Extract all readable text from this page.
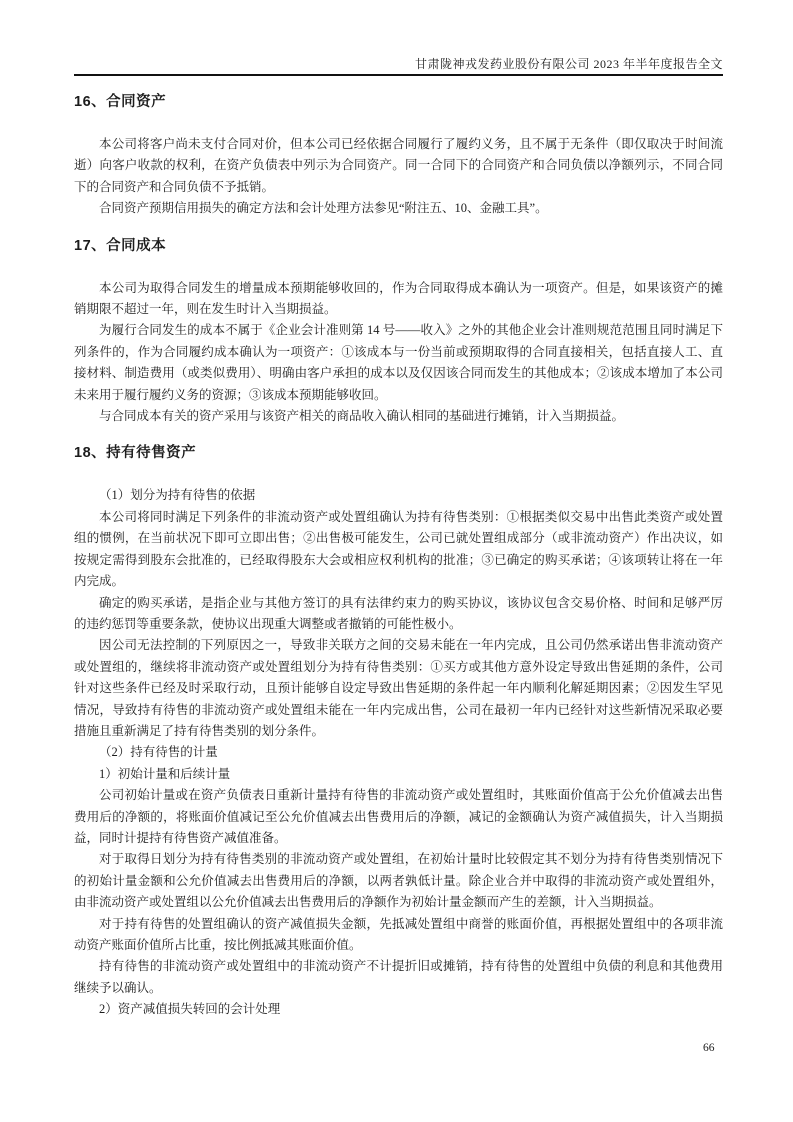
甘肃陇神戎发药业股份有限公司 2023 年半年度报告全文
16、合同资产

本公司将客户尚未支付合同对价，但本公司已经依据合同履行了履约义务，且不属于无条件（即仅取决于时间流逝）向客户收款的权利，在资产负债表中列示为合同资产。同一合同下的合同资产和合同负债以净额列示，不同合同下的合同资产和合同负债不予抵销。

合同资产预期信用损失的确定方法和会计处理方法参见“附注五、10、金融工具”。

17、合同成本

本公司为取得合同发生的增量成本预期能够收回的，作为合同取得成本确认为一项资产。但是，如果该资产的摊销期限不超过一年，则在发生时计入当期损益。

为履行合同发生的成本不属于《企业会计准则第 14 号——收入》之外的其他企业会计准则规范范围且同时满足下列条件的，作为合同履约成本确认为一项资产：①该成本与一份当前或预期取得的合同直接相关，包括直接人工、直接材料、制造费用（或类似费用）、明确由客户承担的成本以及仅因该合同而发生的其他成本；②该成本增加了本公司未来用于履行履约义务的资源；③该成本预期能够收回。

与合同成本有关的资产采用与该资产相关的商品收入确认相同的基础进行摊销，计入当期损益。

18、持有待售资产

（1）划分为持有待售的依据

本公司将同时满足下列条件的非流动资产或处置组确认为持有待售类别：①根据类似交易中出售此类资产或处置组的惯例，在当前状况下即可立即出售；②出售极可能发生，公司已就处置组成部分（或非流动资产）作出决议，如按规定需得到股东会批准的，已经取得股东大会或相应权利机构的批准；③已确定的购买承诺；④该项转让将在一年内完成。

确定的购买承诺，是指企业与其他方签订的具有法律约束力的购买协议，该协议包含交易价格、时间和足够严厉的违约惩罚等重要条款，使协议出现重大调整或者撤销的可能性极小。

因公司无法控制的下列原因之一，导致非关联方之间的交易未能在一年内完成，且公司仍然承诺出售非流动资产或处置组的，继续将非流动资产或处置组划分为持有待售类别：①买方或其他方意外设定导致出售延期的条件，公司针对这些条件已经及时采取行动，且预计能够自设定导致出售延期的条件起一年内顺利化解延期因素；②因发生罕见情况，导致持有待售的非流动资产或处置组未能在一年内完成出售，公司在最初一年内已经针对这些新情况采取必要措施且重新满足了持有待售类别的划分条件。

（2）持有待售的计量

1）初始计量和后续计量

公司初始计量或在资产负债表日重新计量持有待售的非流动资产或处置组时，其账面价值高于公允价值减去出售费用后的净额的，将账面价值减记至公允价值减去出售费用后的净额，减记的金额确认为资产减值损失，计入当期损益，同时计提持有待售资产减值准备。

对于取得日划分为持有待售类别的非流动资产或处置组，在初始计量时比较假定其不划分为持有待售类别情况下的初始计量金额和公允价值减去出售费用后的净额，以两者孰低计量。除企业合并中取得的非流动资产或处置组外，由非流动资产或处置组以公允价值减去出售费用后的净额作为初始计量金额而产生的差额，计入当期损益。

对于持有待售的处置组确认的资产减值损失金额，先抵减处置组中商誉的账面价值，再根据处置组中的各项非流动资产账面价值所占比重，按比例抵减其账面价值。

持有待售的非流动资产或处置组中的非流动资产不计提折旧或摊销，持有待售的处置组中负债的利息和其他费用继续予以确认。

2）资产减值损失转回的会计处理

66
